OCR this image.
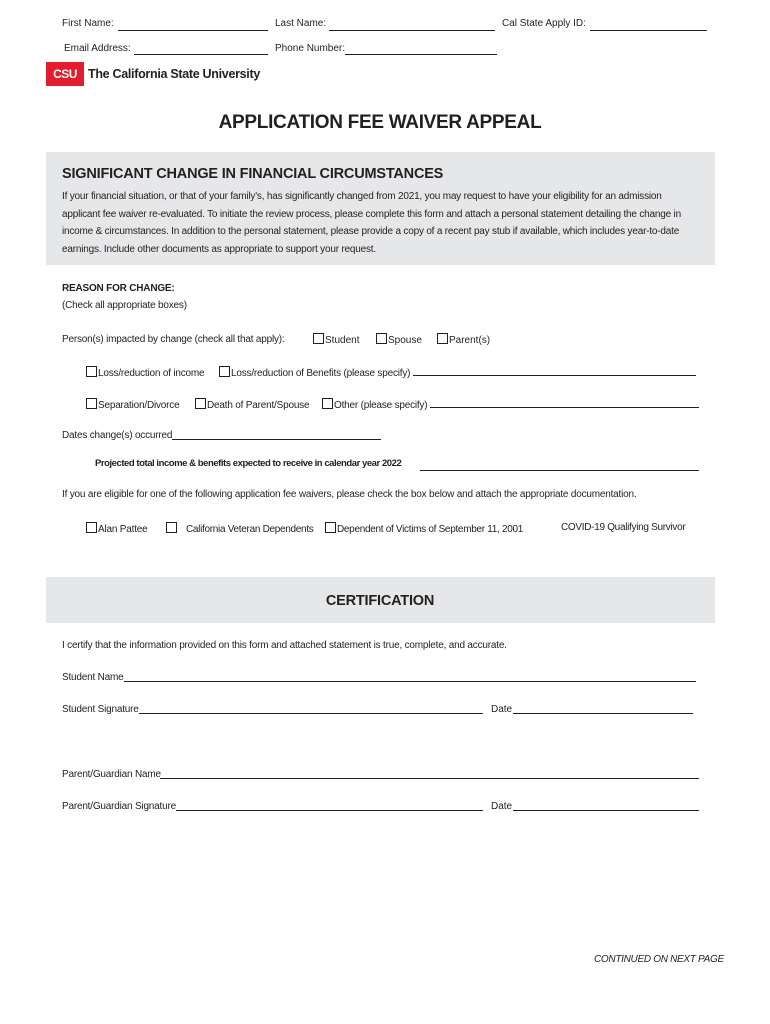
First Name:	Last Name:	Cal State Apply ID:
Email Address:	Phone Number:
CSU The California State University
APPLICATION FEE WAIVER APPEAL
SIGNIFICANT CHANGE IN FINANCIAL CIRCUMSTANCES
If your financial situation, or that of your family's, has significantly changed from 2021, you may request to have your eligibility for an admission
applicant fee waiver re-evaluated. To initiate the review process, please complete this form and attach a personal statement detailing the change in
income & circumstances. In addition to the personal statement, please provide a copy of a recent pay stub if available, which includes year-to-date
earnings. Include other documents as appropriate to support your request.
REASON FOR CHANGE:
(Check all appropriate boxes)
Person(s) impacted by change (check all that apply):	Student	Spouse	Parent(s)
Loss/reduction of income	Loss/reduction of Benefits (please specify)
Separation/Divorce	Death of Parent/Spouse	Other (please specify)
Dates change(s) occurred
Projected total income & benefits expected to receive in calendar year 2022
If you are eligible for one of the following application fee waivers, please check the box below and attach the appropriate documentation.
Alan Pattee	California Veteran Dependents	Dependent of Victims of September 11, 2001	COVID-19 Qualifying Survivor
CERTIFICATION
I certify that the information provided on this form and attached statement is true, complete, and accurate.
Student Name
Student Signature	Date
Parent/Guardian Name
Parent/Guardian Signature	Date
CONTINUED ON NEXT PAGE
